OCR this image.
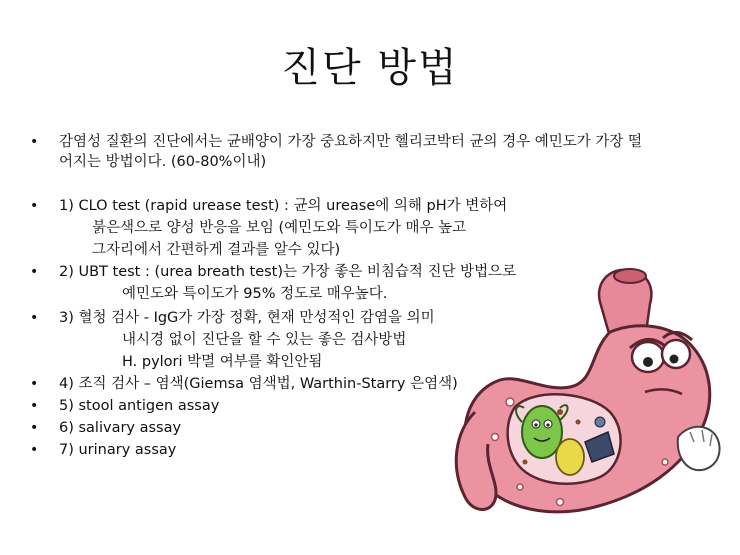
진단 방법
• 감염성 질환의 진단에서는 균배양이 가장 중요하지만 헬리코박터 균의 경우 예민도가 가장 떨
어지는 방법이다. (60-80%이내)
• 1) CLO test (rapid urease test) : 균의 urease에 의해 pH가 변하여
붉은색으로 양성 반응을 보임 (예민도와 특이도가 매우 높고
그자리에서 간편하게 결과를 알수 있다)
• 2) UBT test : (urea breath test)는 가장 좋은 비침습적 진단 방법으로
예민도와 특이도가 95% 정도로 매우높다.
• 3) 혈청 검사 - IgG가 가장 정확, 현재 만성적인 감염을 의미
내시경 없이 진단을 할 수 있는 좋은 검사방법
H. pylori 박멸 여부를 확인안됨
• 4) 조직 검사 – 염색(Giemsa 염색법, Warthin-Starry 은염색)
• 5) stool antigen assay
• 6) salivary assay
• 7) urinary assay
